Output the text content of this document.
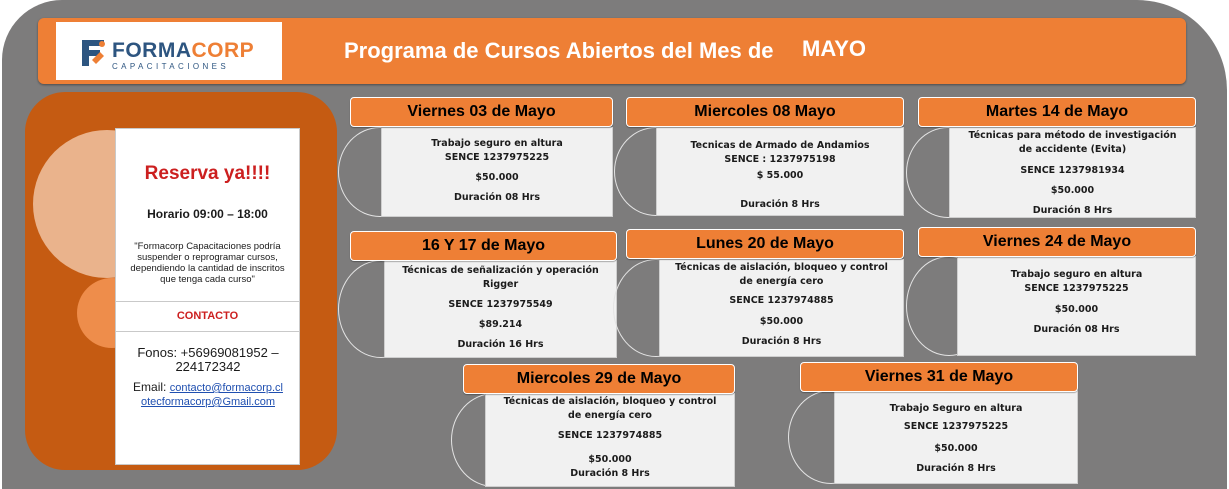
FORMACORP
CAPACITACIONES
Programa de Cursos Abiertos del Mes de MAYO
Reserva ya!!!!
Horario 09:00 – 18:00
"Formacorp Capacitaciones podría suspender o reprogramar cursos, dependiendo la cantidad de inscritos que tenga cada curso"
CONTACTO
Fonos: +56969081952 – 224172342
Email: contacto@formacorp.cl
otecformacorp@Gmail.com
Trabajo seguro en altura
SENCE 1237975225
$50.000
Duración 08 Hrs
Viernes 03 de Mayo
Tecnicas de Armado de Andamios
SENCE : 1237975198
$ 55.000
Duración 8 Hrs
Miercoles 08 Mayo
Técnicas para método de investigación
de accidente (Evita)
SENCE 1237981934
$50.000
Duración 8 Hrs
Martes 14 de Mayo
Técnicas de señalización y operación
Rigger
SENCE 1237975549
$89.214
Duración 16 Hrs
16 Y 17 de Mayo
Técnicas de aislación, bloqueo y control
de energía cero
SENCE 1237974885
$50.000
Duración 8 Hrs
Lunes 20 de Mayo
Trabajo seguro en altura
SENCE 1237975225
$50.000
Duración 08 Hrs
Viernes 24 de Mayo
Técnicas de aislación, bloqueo y control
de energía cero
SENCE 1237974885
$50.000
Duración 8 Hrs
Miercoles 29 de Mayo
Trabajo Seguro en altura
SENCE 1237975225
$50.000
Duración 8 Hrs
Viernes 31 de Mayo
